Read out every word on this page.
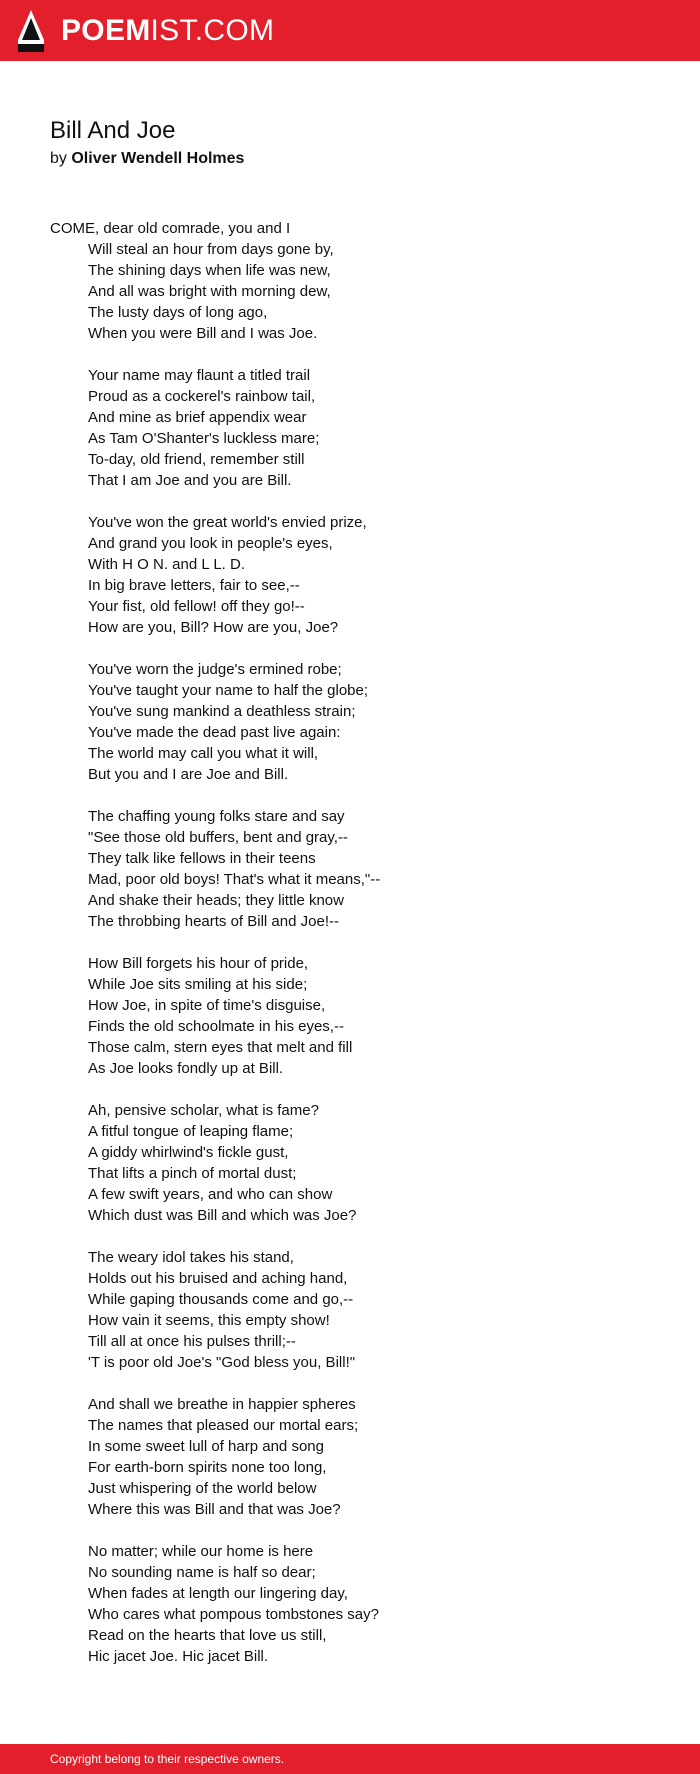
POEMIST.COM
Bill And Joe
by Oliver Wendell Holmes
COME, dear old comrade, you and I
Will steal an hour from days gone by,
The shining days when life was new,
And all was bright with morning dew,
The lusty days of long ago,
When you were Bill and I was Joe.
Your name may flaunt a titled trail
Proud as a cockerel's rainbow tail,
And mine as brief appendix wear
As Tam O'Shanter's luckless mare;
To-day, old friend, remember still
That I am Joe and you are Bill.
You've won the great world's envied prize,
And grand you look in people's eyes,
With H O N. and L L. D.
In big brave letters, fair to see,--
Your fist, old fellow! off they go!--
How are you, Bill? How are you, Joe?
You've worn the judge's ermined robe;
You've taught your name to half the globe;
You've sung mankind a deathless strain;
You've made the dead past live again:
The world may call you what it will,
But you and I are Joe and Bill.
The chaffing young folks stare and say
"See those old buffers, bent and gray,--
They talk like fellows in their teens
Mad, poor old boys! That's what it means,"--
And shake their heads; they little know
The throbbing hearts of Bill and Joe!--
How Bill forgets his hour of pride,
While Joe sits smiling at his side;
How Joe, in spite of time's disguise,
Finds the old schoolmate in his eyes,--
Those calm, stern eyes that melt and fill
As Joe looks fondly up at Bill.
Ah, pensive scholar, what is fame?
A fitful tongue of leaping flame;
A giddy whirlwind's fickle gust,
That lifts a pinch of mortal dust;
A few swift years, and who can show
Which dust was Bill and which was Joe?
The weary idol takes his stand,
Holds out his bruised and aching hand,
While gaping thousands come and go,--
How vain it seems, this empty show!
Till all at once his pulses thrill;--
'T is poor old Joe's "God bless you, Bill!"
And shall we breathe in happier spheres
The names that pleased our mortal ears;
In some sweet lull of harp and song
For earth-born spirits none too long,
Just whispering of the world below
Where this was Bill and that was Joe?
No matter; while our home is here
No sounding name is half so dear;
When fades at length our lingering day,
Who cares what pompous tombstones say?
Read on the hearts that love us still,
Hic jacet Joe. Hic jacet Bill.
Copyright belong to their respective owners.
